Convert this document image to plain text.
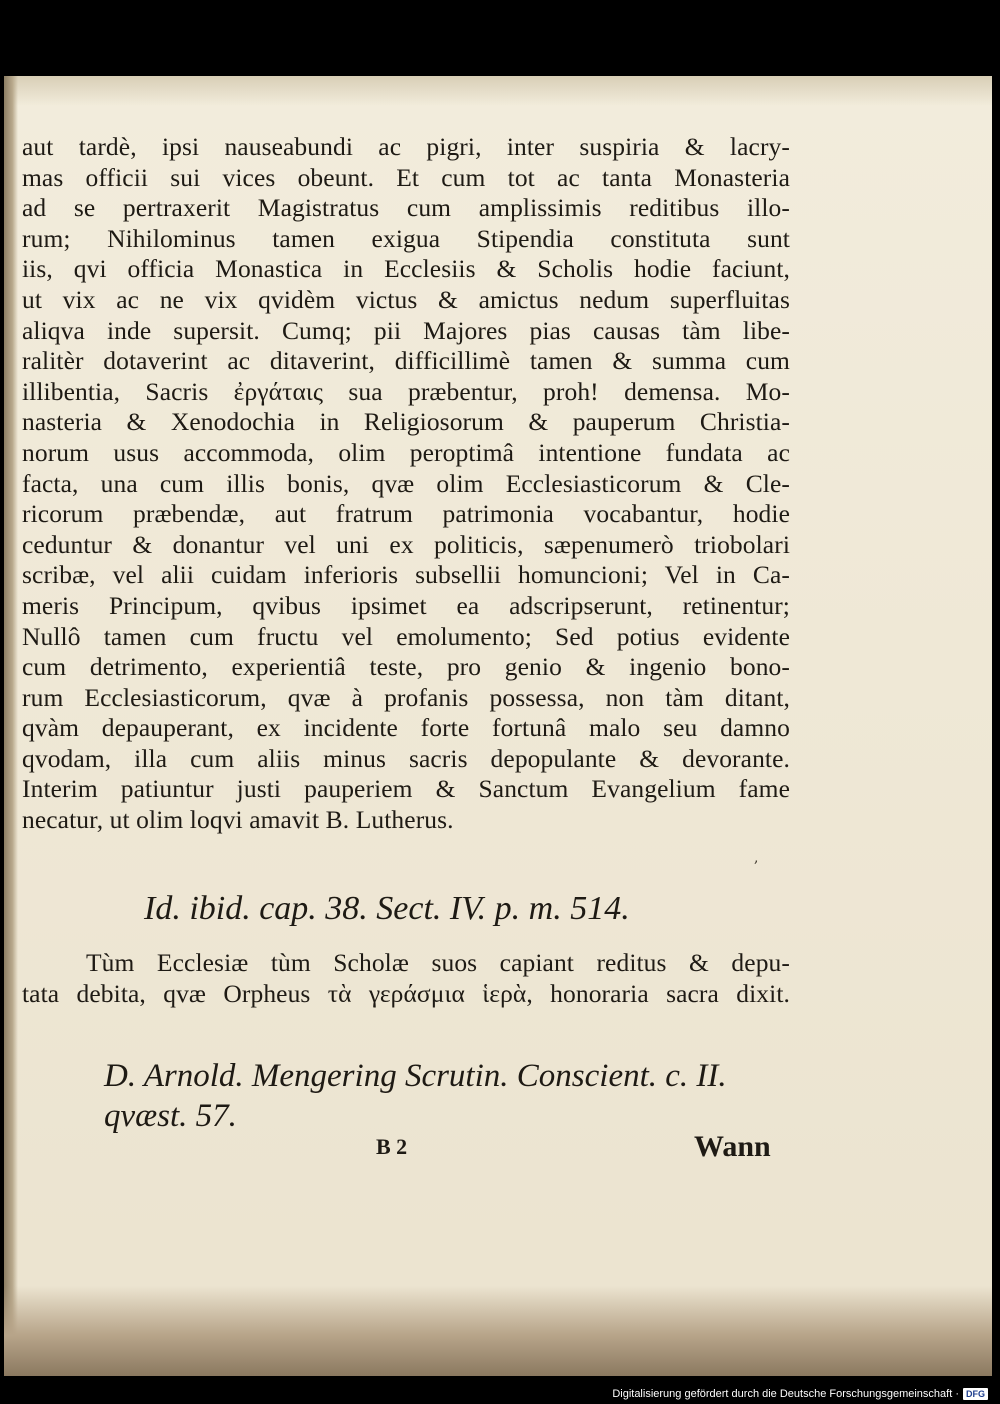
aut tardè, ipsi nauseabundi ac pigri, inter suspiria & lacry-
mas officii sui vices obeunt. Et cum tot ac tanta Monasteria
ad se pertraxerit Magistratus cum amplissimis reditibus illo-
rum; Nihilominus tamen exigua Stipendia constituta sunt
iis, qvi officia Monastica in Ecclesiis & Scholis hodie faciunt,
ut vix ac ne vix qvidèm victus & amictus nedum superfluitas
aliqva inde supersit. Cumq; pii Majores pias causas tàm libe-
ralitèr dotaverint ac ditaverint, difficillimè tamen & summa cum
illibentia, Sacris ἐργάταις sua præbentur, proh! demensa. Mo-
nasteria & Xenodochia in Religiosorum & pauperum Christia-
norum usus accommoda, olim peroptimâ intentione fundata ac
facta, una cum illis bonis, qvæ olim Ecclesiasticorum & Cle-
ricorum præbendæ, aut fratrum patrimonia vocabantur, hodie
ceduntur & donantur vel uni ex politicis, sæpenumerò triobolari
scribæ, vel alii cuidam inferioris subsellii homuncioni; Vel in Ca-
meris Principum, qvibus ipsimet ea adscripserunt, retinentur;
Nullô tamen cum fructu vel emolumento; Sed potius evidente
cum detrimento, experientiâ teste, pro genio & ingenio bono-
rum Ecclesiasticorum, qvæ à profanis possessa, non tàm ditant,
qvàm depauperant, ex incidente forte fortunâ malo seu damno
qvodam, illa cum aliis minus sacris depopulante & devorante.
Interim patiuntur justi pauperiem & Sanctum Evangelium fame
necatur, ut olim loqvi amavit B. Lutherus.
,
Id. ibid. cap. 38. Sect. IV. p. m. 514.
Tùm Ecclesiæ tùm Scholæ suos capiant reditus & depu-
tata debita, qvæ Orpheus τὰ γεράσμια ἱερὰ, honoraria sacra dixit.
D. Arnold. Mengering Scrutin. Conscient. c. II.
qvæst. 57.
B 2	Wann
Digitalisierung gefördert durch die Deutsche Forschungsgemeinschaft · DFG
